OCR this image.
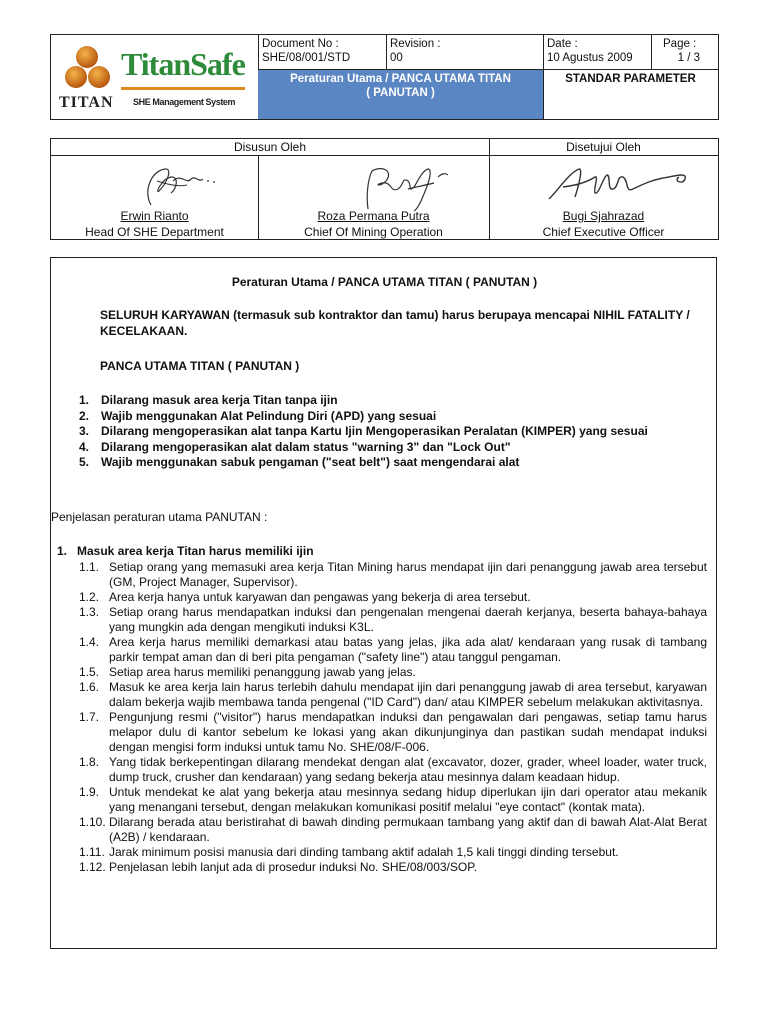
TitanSafe
TITAN SHE Management System
Document No :
SHE/08/001/STD
Revision :
00
Date :
10 Agustus 2009
Page :
1 / 3
Peraturan Utama / PANCA UTAMA TITAN
( PANUTAN )
STANDAR PARAMETER
Disusun Oleh	Disetujui Oleh
Erwin Rianto
Head Of SHE Department
Roza Permana Putra
Chief Of Mining Operation
Bugi Sjahrazad
Chief Executive Officer
Peraturan Utama / PANCA UTAMA TITAN ( PANUTAN )
SELURUH KARYAWAN (termasuk sub kontraktor dan tamu) harus berupaya mencapai NIHIL FATALITY /
KECELAKAAN.
PANCA UTAMA TITAN ( PANUTAN )
1. Dilarang masuk area kerja Titan tanpa ijin
2. Wajib menggunakan Alat Pelindung Diri (APD) yang sesuai
3. Dilarang mengoperasikan alat tanpa Kartu Ijin Mengoperasikan Peralatan (KIMPER) yang sesuai
4. Dilarang mengoperasikan alat dalam status "warning 3" dan "Lock Out"
5. Wajib menggunakan sabuk pengaman ("seat belt") saat mengendarai alat
Penjelasan peraturan utama PANUTAN :
1.   Masuk area kerja Titan harus memiliki ijin
1.1. Setiap orang yang memasuki area kerja Titan Mining harus mendapat ijin dari penanggung jawab area tersebut (GM, Project Manager, Supervisor).
1.2. Area kerja hanya untuk karyawan dan pengawas yang bekerja di area tersebut.
1.3. Setiap orang harus mendapatkan induksi dan pengenalan mengenai daerah kerjanya, beserta bahaya-bahaya yang mungkin ada dengan mengikuti induksi K3L.
1.4. Area kerja harus memiliki demarkasi atau batas yang jelas, jika ada alat/ kendaraan yang rusak di tambang parkir tempat aman dan di beri pita pengaman ("safety line") atau tanggul pengaman.
1.5. Setiap area harus memiliki penanggung jawab yang jelas.
1.6. Masuk ke area kerja lain harus terlebih dahulu mendapat ijin dari penanggung jawab di area tersebut, karyawan dalam bekerja wajib membawa tanda pengenal ("ID Card") dan/ atau KIMPER sebelum melakukan aktivitasnya.
1.7. Pengunjung resmi ("visitor") harus mendapatkan induksi dan pengawalan dari pengawas, setiap tamu harus melapor dulu di kantor sebelum ke lokasi yang akan dikunjunginya dan pastikan sudah mendapat induksi dengan mengisi form induksi untuk tamu No. SHE/08/F-006.
1.8. Yang tidak berkepentingan dilarang mendekat dengan alat (excavator, dozer, grader, wheel loader, water truck, dump truck, crusher dan kendaraan) yang sedang bekerja atau mesinnya dalam keadaan hidup.
1.9. Untuk mendekat ke alat yang bekerja atau mesinnya sedang hidup diperlukan ijin dari operator atau mekanik yang menangani tersebut, dengan melakukan komunikasi positif melalui "eye contact" (kontak mata).
1.10. Dilarang berada atau beristirahat di bawah dinding permukaan tambang yang aktif dan di bawah Alat-Alat Berat (A2B) / kendaraan.
1.11. Jarak minimum posisi manusia dari dinding tambang aktif adalah 1,5 kali tinggi dinding tersebut.
1.12. Penjelasan lebih lanjut ada di prosedur induksi No. SHE/08/003/SOP.
